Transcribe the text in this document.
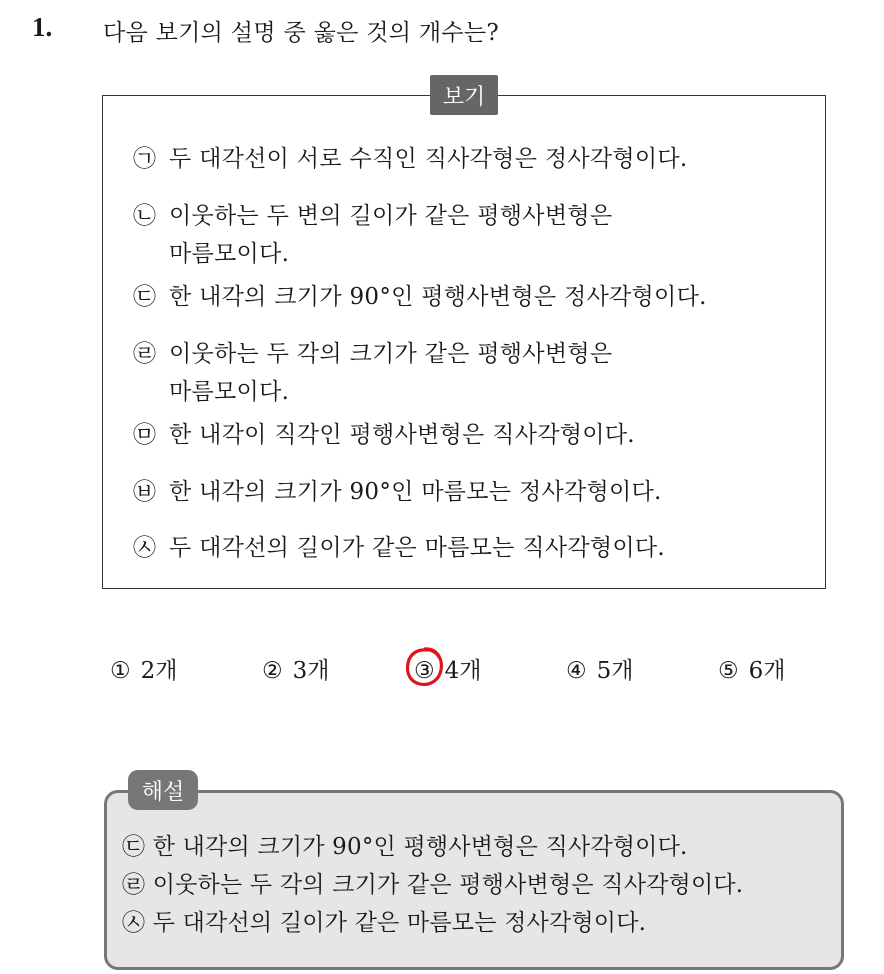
1. 다음 보기의 설명 중 옳은 것의 개수는?
보기
㉠ 두 대각선이 서로 수직인 직사각형은 정사각형이다.
㉡ 이웃하는 두 변의 길이가 같은 평행사변형은
마름모이다.
㉢ 한 내각의 크기가 90°인 평행사변형은 정사각형이다.
㉣ 이웃하는 두 각의 크기가 같은 평행사변형은
마름모이다.
㉤ 한 내각이 직각인 평행사변형은 직사각형이다.
㉥ 한 내각의 크기가 90°인 마름모는 정사각형이다.
㉦ 두 대각선의 길이가 같은 마름모는 직사각형이다.
① 2개	② 3개	③ 4개	④ 5개	⑤ 6개
해설
㉢ 한 내각의 크기가 90°인 평행사변형은 직사각형이다.
㉣ 이웃하는 두 각의 크기가 같은 평행사변형은 직사각형이다.
㉦ 두 대각선의 길이가 같은 마름모는 정사각형이다.
